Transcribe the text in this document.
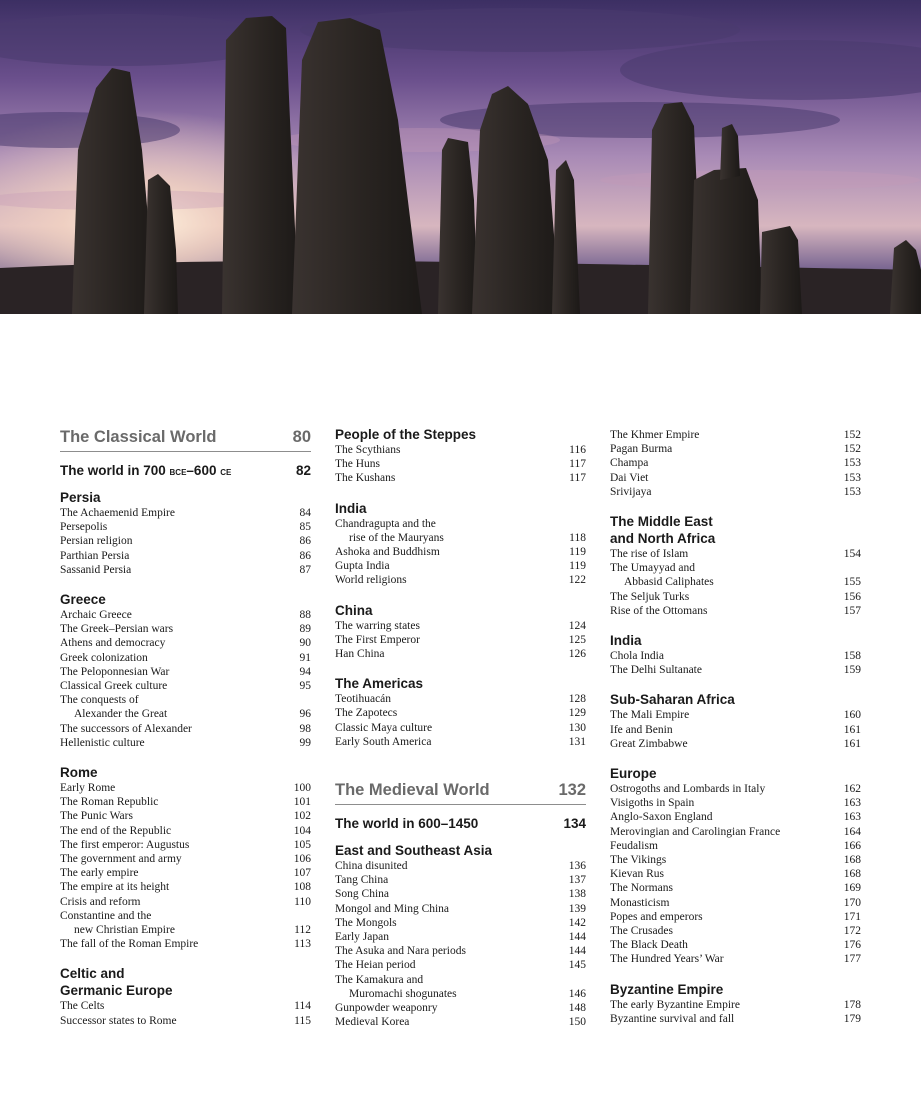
The Classical World	80
The world in 700 bce–600 ce	82
Persia
The Achaemenid Empire	84
Persepolis	85
Persian religion	86
Parthian Persia	86
Sassanid Persia	87
Greece
Archaic Greece	88
The Greek–Persian wars	89
Athens and democracy	90
Greek colonization	91
The Peloponnesian War	94
Classical Greek culture	95
The conquests of
Alexander the Great	96
The successors of Alexander	98
Hellenistic culture	99
Rome
Early Rome	100
The Roman Republic	101
The Punic Wars	102
The end of the Republic	104
The first emperor: Augustus	105
The government and army	106
The early empire	107
The empire at its height	108
Crisis and reform	110
Constantine and the
new Christian Empire	112
The fall of the Roman Empire	113
Celtic and
Germanic Europe
The Celts	114
Successor states to Rome	115
People of the Steppes
The Scythians	116
The Huns	117
The Kushans	117
India
Chandragupta and the
rise of the Mauryans	118
Ashoka and Buddhism	119
Gupta India	119
World religions	122
China
The warring states	124
The First Emperor	125
Han China	126
The Americas
Teotihuacán	128
The Zapotecs	129
Classic Maya culture	130
Early South America	131
The Medieval World	132
The world in 600–1450	134
East and Southeast Asia
China disunited	136
Tang China	137
Song China	138
Mongol and Ming China	139
The Mongols	142
Early Japan	144
The Asuka and Nara periods	144
The Heian period	145
The Kamakura and
Muromachi shogunates	146
Gunpowder weaponry	148
Medieval Korea	150
The Khmer Empire	152
Pagan Burma	152
Champa	153
Dai Viet	153
Srivijaya	153
The Middle East
and North Africa
The rise of Islam	154
The Umayyad and
Abbasid Caliphates	155
The Seljuk Turks	156
Rise of the Ottomans	157
India
Chola India	158
The Delhi Sultanate	159
Sub-Saharan Africa
The Mali Empire	160
Ife and Benin	161
Great Zimbabwe	161
Europe
Ostrogoths and Lombards in Italy	162
Visigoths in Spain	163
Anglo-Saxon England	163
Merovingian and Carolingian France	164
Feudalism	166
The Vikings	168
Kievan Rus	168
The Normans	169
Monasticism	170
Popes and emperors	171
The Crusades	172
The Black Death	176
The Hundred Years’ War	177
Byzantine Empire
The early Byzantine Empire	178
Byzantine survival and fall	179
